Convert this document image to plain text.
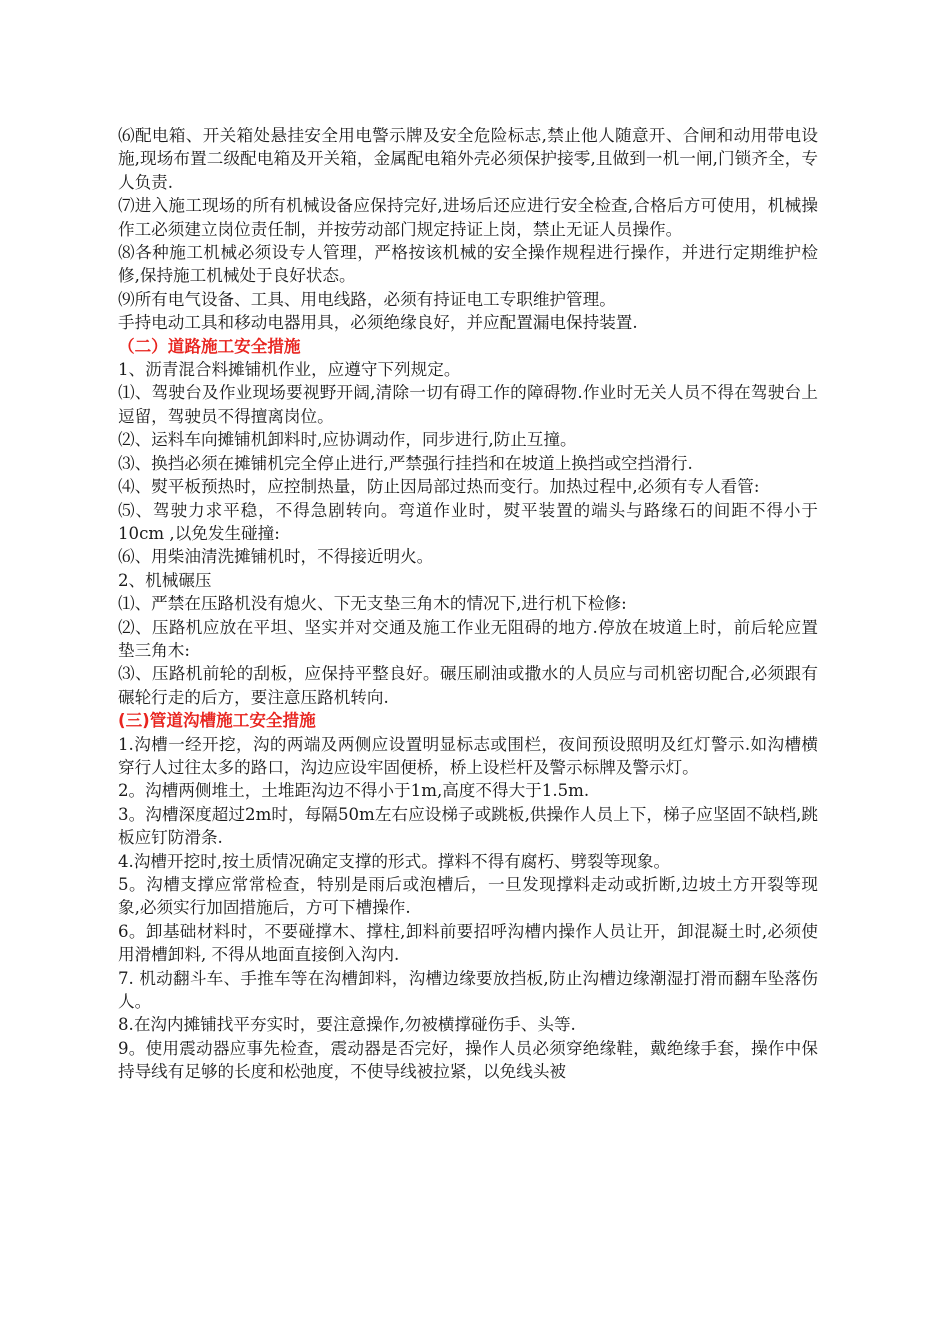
⑹配电箱、开关箱处悬挂安全用电警示牌及安全危险标志,禁止他人随意开、合闸和动用带电设施,现场布置二级配电箱及开关箱，金属配电箱外壳必须保护接零,且做到一机一闸,门锁齐全，专人负责.

⑺进入施工现场的所有机械设备应保持完好,进场后还应进行安全检查,合格后方可使用，机械操作工必须建立岗位责任制，并按劳动部门规定持证上岗，禁止无证人员操作。

⑻各种施工机械必须设专人管理，严格按该机械的安全操作规程进行操作，并进行定期维护检修,保持施工机械处于良好状态。

⑼所有电气设备、工具、用电线路，必须有持证电工专职维护管理。

手持电动工具和移动电器用具，必须绝缘良好，并应配置漏电保持装置.

（二）道路施工安全措施

1、沥青混合料摊铺机作业，应遵守下列规定。

⑴、驾驶台及作业现场要视野开阔,清除一切有碍工作的障碍物.作业时无关人员不得在驾驶台上逗留，驾驶员不得擅离岗位。

⑵、运料车向摊铺机卸料时,应协调动作，同步进行,防止互撞。

⑶、换挡必须在摊铺机完全停止进行,严禁强行挂挡和在坡道上换挡或空挡滑行.

⑷、熨平板预热时，应控制热量，防止因局部过热而变行。加热过程中,必须有专人看管:

⑸、驾驶力求平稳，不得急剧转向。弯道作业时，熨平装置的端头与路缘石的间距不得小于10cm ,以免发生碰撞:

⑹、用柴油清洗摊铺机时，不得接近明火。

2、机械碾压

⑴、严禁在压路机没有熄火、下无支垫三角木的情况下,进行机下检修:

⑵、压路机应放在平坦、坚实并对交通及施工作业无阻碍的地方.停放在坡道上时，前后轮应置垫三角木:

⑶、压路机前轮的刮板，应保持平整良好。碾压刷油或撒水的人员应与司机密切配合,必须跟有碾轮行走的后方，要注意压路机转向.

(三)管道沟槽施工安全措施

1.沟槽一经开挖，沟的两端及两侧应设置明显标志或围栏，夜间预设照明及红灯警示.如沟槽横穿行人过往太多的路口，沟边应设牢固便桥，桥上设栏杆及警示标牌及警示灯。

2。沟槽两侧堆土，土堆距沟边不得小于1m,高度不得大于1.5m.

3。沟槽深度超过2m时，每隔50m左右应设梯子或跳板,供操作人员上下，梯子应坚固不缺档,跳板应钉防滑条.

4.沟槽开挖时,按土质情况确定支撑的形式。撑料不得有腐朽、劈裂等现象。

5。沟槽支撑应常常检查，特别是雨后或泡槽后，一旦发现撑料走动或折断,边坡土方开裂等现象,必须实行加固措施后，方可下槽操作.

6。卸基础材料时，不要碰撑木、撑柱,卸料前要招呼沟槽内操作人员让开，卸混凝土时,必须使用滑槽卸料, 不得从地面直接倒入沟内.

7. 机动翻斗车、手推车等在沟槽卸料，沟槽边缘要放挡板,防止沟槽边缘潮湿打滑而翻车坠落伤人。

8.在沟内摊铺找平夯实时，要注意操作,勿被横撑碰伤手、头等.

9。使用震动器应事先检查，震动器是否完好，操作人员必须穿绝缘鞋，戴绝缘手套，操作中保持导线有足够的长度和松弛度，不使导线被拉紧，以免线头被
